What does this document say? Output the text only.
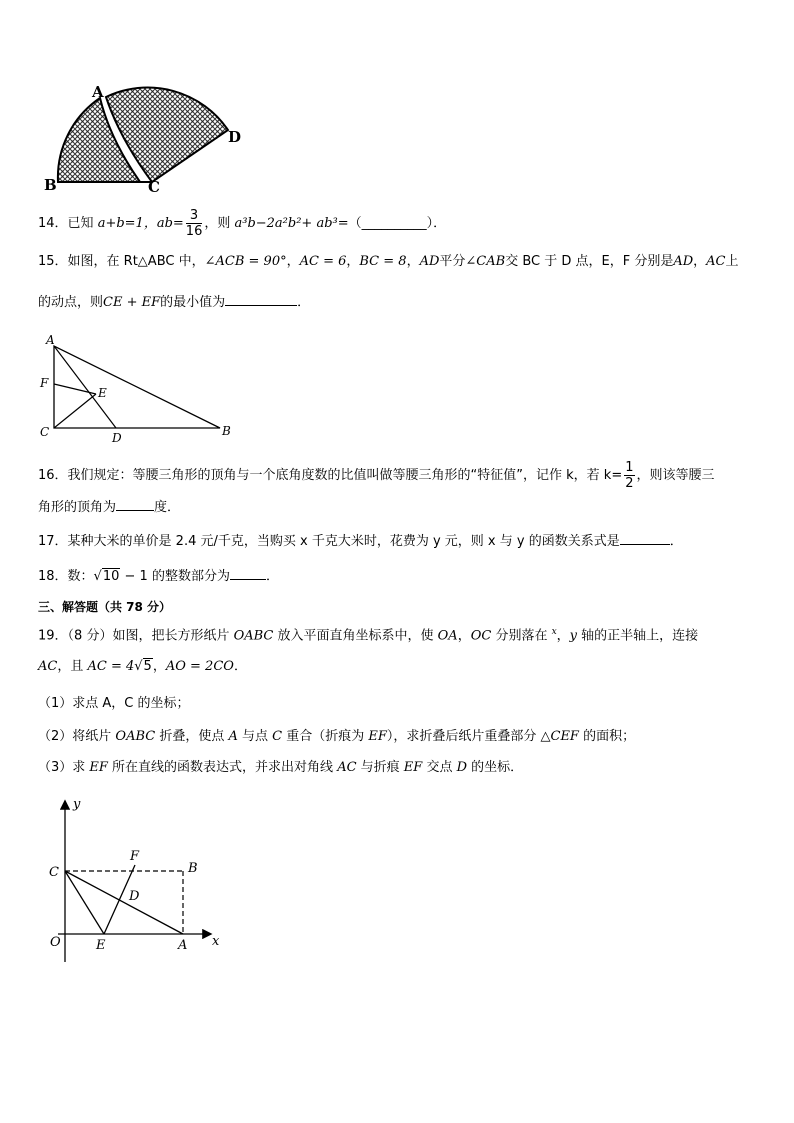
A
B	C
D
14．已知 a+b=1，$ab= \frac{3}{16}$ ，则 a³b−2a²b²+ ab³=（__________）．
15．如图，在 Rt△ABC 中，∠ACB = 90°，AC = 6，BC = 8，AD平分∠CAB交 BC 于 D 点，E，F 分别是AD，AC上
的动点，则CE + EF的最小值为	．
A
F
E
C	D	B
16．我们规定：等腰三角形的顶角与一个底角度数的比值叫做等腰三角形的“特征值”，记作 k，若 $k= \frac{1}{2}$ ，则该等腰三
角形的顶角为	度．
17．某种大米的单价是 2.4 元/千克，当购买 x 千克大米时，花费为 y 元，则 x 与 y 的函数关系式是	．
18．数：√10 − 1 的整数部分为	．
三、解答题（共 78 分）
19．（8 分）如图，把长方形纸片 OABC 放入平面直角坐标系中，使 OA，OC 分别落在 $^x$，y 轴的正半轴上，连接
AC，且 AC = 4√5，AO = 2CO．
（1）求点 A，C 的坐标；
（2）将纸片 OABC 折叠，使点 A 与点 C 重合（折痕为 EF），求折叠后纸片重叠部分 △CEF 的面积；
（3）求 EF 所在直线的函数表达式，并求出对角线 AC 与折痕 EF 交点 D 的坐标．
y
x
O
C
F
B
D
E	A
